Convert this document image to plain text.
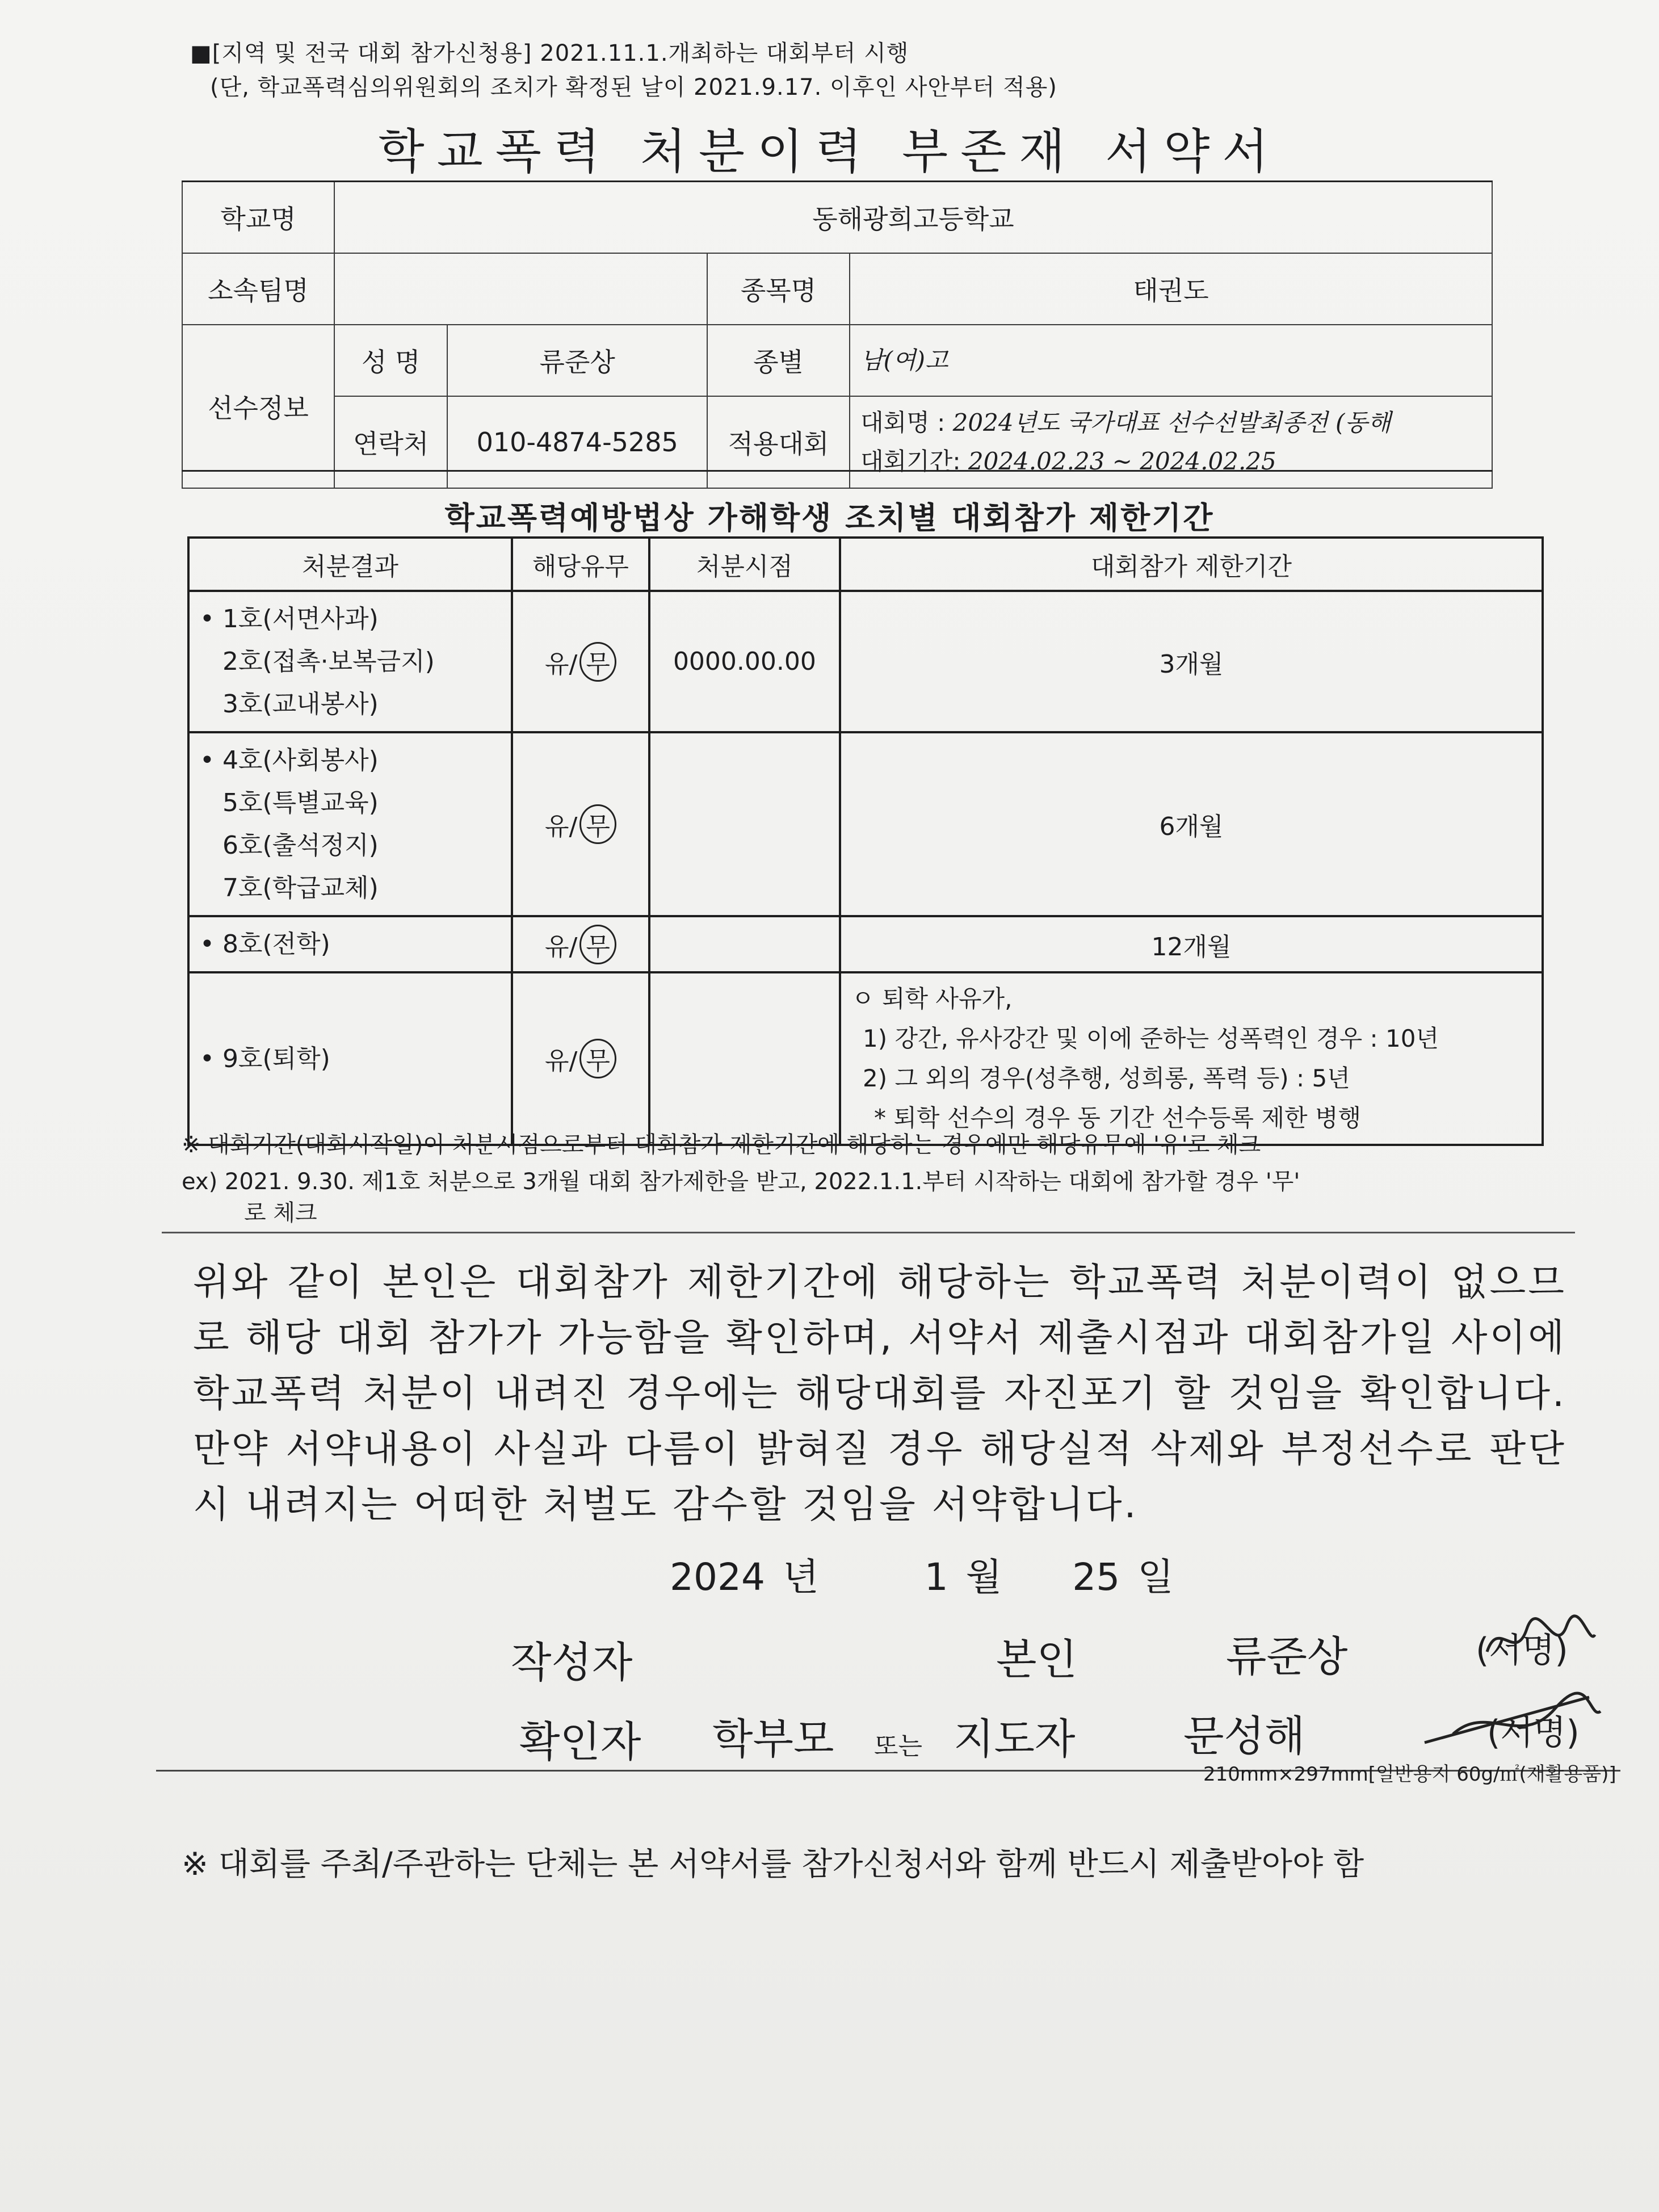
■[지역 및 전국 대회 참가신청용] 2021.11.1.개최하는 대회부터 시행
(단, 학교폭력심의위원회의 조치가 확정된 날이 2021.9.17. 이후인 사안부터 적용)
학교폭력 처분이력 부존재 서약서
학교명	동해광희고등학교			
소속팀명			종목명	태권도
선수정보	성 명	류준상	종별	남(여)고
	연락처	010-4874-5285	적용대회	대회명 : 2024년도 국가대표 선수선발최종전 (동해
대회기간: 2024.02.23 ~ 2024.02.25
학교폭력예방법상 가해학생 조치별 대회참가 제한기간
처분결과	해당유무	처분시점	대회참가 제한기간

• 1호(서면사과)
2호(접촉·보복금지)
3호(교내봉사)	유/ 무	0000.00.00	3개월

• 4호(사회봉사)
5호(특별교육)
6호(출석정지)
7호(학급교체)	유/ 무		6개월

• 8호(전학)	유/ 무		12개월

• 9호(퇴학)	유/ 무		ㅇ 퇴학 사유가,
1) 강간, 유사강간 및 이에 준하는 성폭력인 경우 : 10년
2) 그 외의 경우(성추행, 성희롱, 폭력 등) : 5년
* 퇴학 선수의 경우 동 기간 선수등록 제한 병행
※ 대회기간(대회시작일)이 처분시점으로부터 대회참가 제한기간에 해당하는 경우에만 해당유무에 '유'로 체크
ex) 2021. 9.30. 제1호 처분으로 3개월 대회 참가제한을 받고, 2022.1.1.부터 시작하는 대회에 참가할 경우 '무'
로 체크
위와 같이 본인은 대회참가 제한기간에 해당하는 학교폭력 처분이력이 없으므로 해당 대회 참가가 가능함을 확인하며, 서약서 제출시점과 대회참가일 사이에 학교폭력 처분이 내려진 경우에는 해당대회를 자진포기 할 것임을 확인합니다. 만약 서약내용이 사실과 다름이 밝혀질 경우 해당실적 삭제와 부정선수로 판단 시 내려지는 어떠한 처벌도 감수할 것임을 서약합니다.
2024 년	1 월 25 일
작성자	본인	류준상	(서명)
확인자 학부모 또는 지도자	문성해	(서명)
210mm×297mm[일반용지 60g/㎡(재활용품)]
※ 대회를 주최/주관하는 단체는 본 서약서를 참가신청서와 함께 반드시 제출받아야 함
